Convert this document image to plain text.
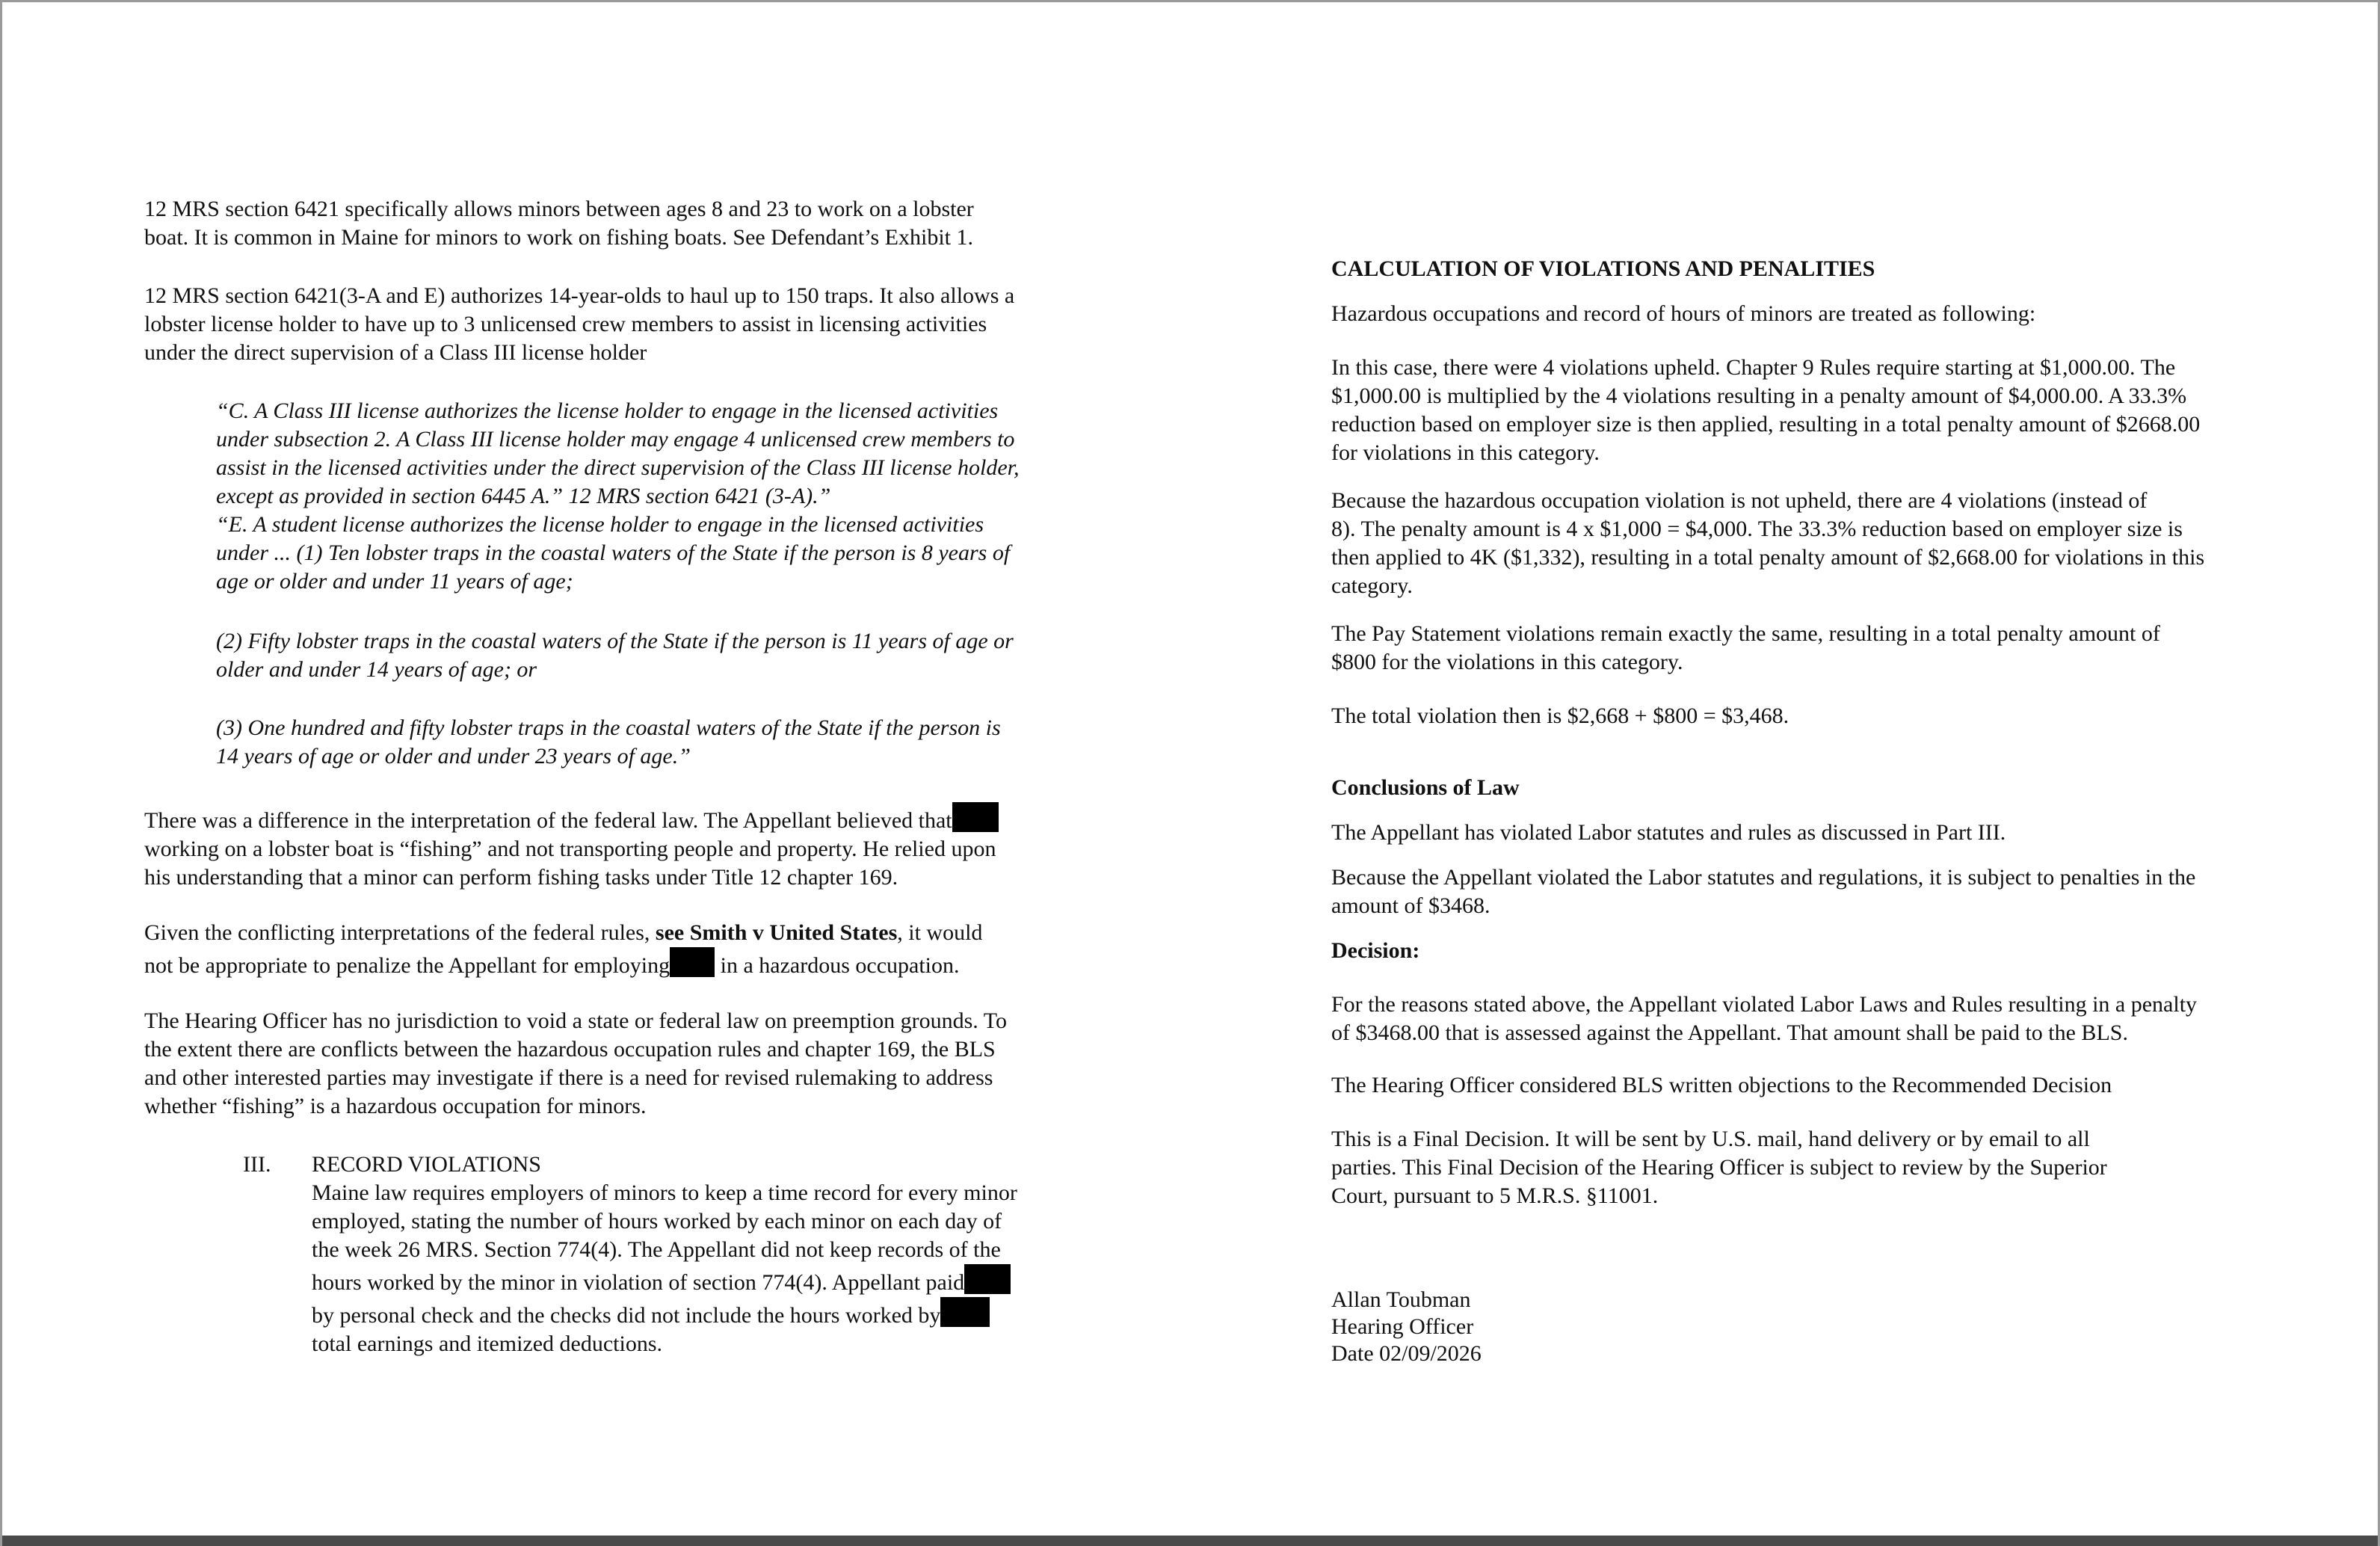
12 MRS section 6421 specifically allows minors between ages 8 and 23 to work on a lobster
boat. It is common in Maine for minors to work on fishing boats. See Defendant’s Exhibit 1.

12 MRS section 6421(3-A and E) authorizes 14-year-olds to haul up to 150 traps. It also allows a
lobster license holder to have up to 3 unlicensed crew members to assist in licensing activities
under the direct supervision of a Class III license holder

“C. A Class III license authorizes the license holder to engage in the licensed activities
under subsection 2. A Class III license holder may engage 4 unlicensed crew members to
assist in the licensed activities under the direct supervision of the Class III license holder,
except as provided in section 6445 A.” 12 MRS section 6421 (3-A).”
“E. A student license authorizes the license holder to engage in the licensed activities
under ... (1) Ten lobster traps in the coastal waters of the State if the person is 8 years of
age or older and under 11 years of age;

(2) Fifty lobster traps in the coastal waters of the State if the person is 11 years of age or
older and under 14 years of age; or

(3) One hundred and fifty lobster traps in the coastal waters of the State if the person is
14 years of age or older and under 23 years of age.”

There was a difference in the interpretation of the federal law. The Appellant believed that
working on a lobster boat is “fishing” and not transporting people and property. He relied upon
his understanding that a minor can perform fishing tasks under Title 12 chapter 169.

Given the conflicting interpretations of the federal rules, see Smith v United States, it would
not be appropriate to penalize the Appellant for employing in a hazardous occupation.

The Hearing Officer has no jurisdiction to void a state or federal law on preemption grounds. To
the extent there are conflicts between the hazardous occupation rules and chapter 169, the BLS
and other interested parties may investigate if there is a need for revised rulemaking to address
whether “fishing” is a hazardous occupation for minors.

III. RECORD VIOLATIONS
Maine law requires employers of minors to keep a time record for every minor
employed, stating the number of hours worked by each minor on each day of
the week 26 MRS. Section 774(4). The Appellant did not keep records of the
hours worked by the minor in violation of section 774(4). Appellant paid
by personal check and the checks did not include the hours worked by
total earnings and itemized deductions.

CALCULATION OF VIOLATIONS AND PENALITIES

Hazardous occupations and record of hours of minors are treated as following:

In this case, there were 4 violations upheld. Chapter 9 Rules require starting at $1,000.00. The
$1,000.00 is multiplied by the 4 violations resulting in a penalty amount of $4,000.00. A 33.3%
reduction based on employer size is then applied, resulting in a total penalty amount of $2668.00
for violations in this category.

Because the hazardous occupation violation is not upheld, there are 4 violations (instead of
8). The penalty amount is 4 x $1,000 = $4,000. The 33.3% reduction based on employer size is
then applied to 4K ($1,332), resulting in a total penalty amount of $2,668.00 for violations in this
category.

The Pay Statement violations remain exactly the same, resulting in a total penalty amount of
$800 for the violations in this category.

The total violation then is $2,668 + $800 = $3,468.

Conclusions of Law

The Appellant has violated Labor statutes and rules as discussed in Part III.

Because the Appellant violated the Labor statutes and regulations, it is subject to penalties in the
amount of $3468.

Decision:

For the reasons stated above, the Appellant violated Labor Laws and Rules resulting in a penalty
of $3468.00 that is assessed against the Appellant. That amount shall be paid to the BLS.

The Hearing Officer considered BLS written objections to the Recommended Decision

This is a Final Decision. It will be sent by U.S. mail, hand delivery or by email to all
parties. This Final Decision of the Hearing Officer is subject to review by the Superior
Court, pursuant to 5 M.R.S. §11001.

Allan Toubman
Hearing Officer
Date 02/09/2026
